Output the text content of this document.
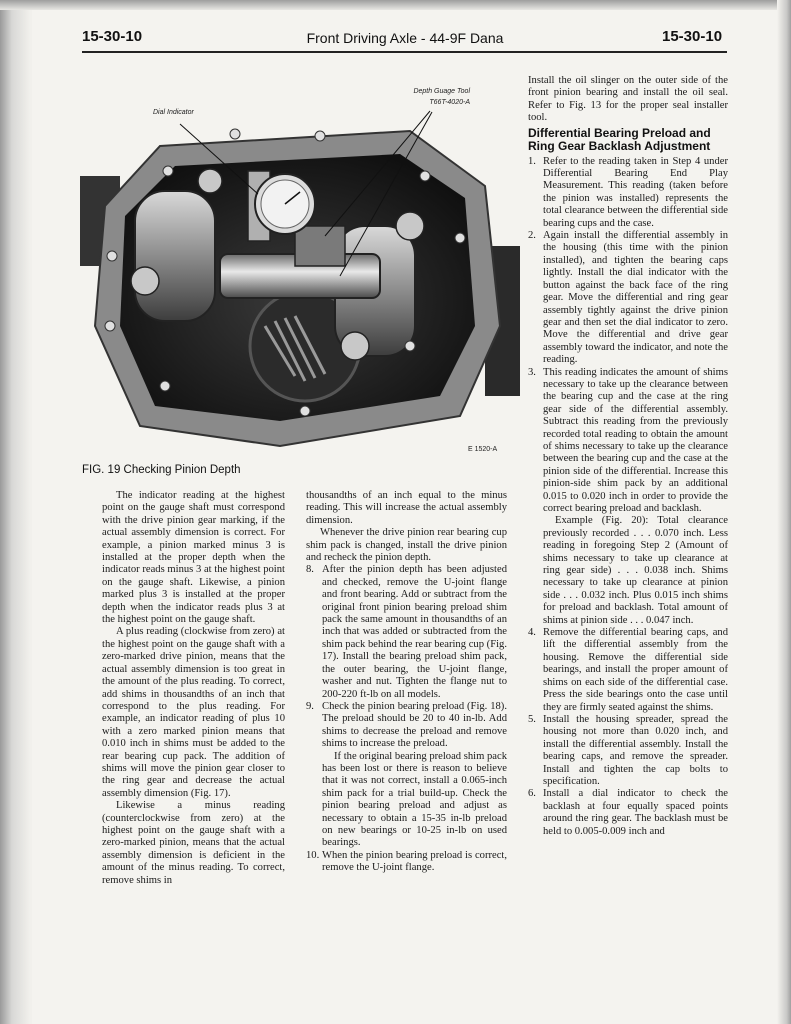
15-30-10	Front Driving Axle - 44-9F Dana	15-30-10
Dial Indicator
Depth Guage Tool
T66T-4020-A
E 1520-A
FIG. 19 Checking Pinion Depth

The indicator reading at the highest point on the gauge shaft must correspond with the drive pinion gear marking, if the actual assembly dimension is correct. For example, a pinion marked minus 3 is installed at the proper depth when the indicator reads minus 3 at the highest point on the gauge shaft. Likewise, a pinion marked plus 3 is installed at the proper depth when the indicator reads plus 3 at the highest point on the gauge shaft.

A plus reading (clockwise from zero) at the highest point on the gauge shaft with a zero-marked drive pinion, means that the actual assembly dimension is too great in the amount of the plus reading. To correct, add shims in thousandths of an inch that correspond to the plus reading. For example, an indicator reading of plus 10 with a zero marked pinion means that 0.010 inch in shims must be added to the rear bearing cup pack. The addition of shims will move the pinion gear closer to the ring gear and decrease the actual assembly dimension (Fig. 17).

Likewise a minus reading (counterclockwise from zero) at the highest point on the gauge shaft with a zero-marked pinion, means that the actual assembly dimension is deficient in the amount of the minus reading. To correct, remove shims in

thousandths of an inch equal to the minus reading. This will increase the actual assembly dimension.

Whenever the drive pinion rear bearing cup shim pack is changed, install the drive pinion and recheck the pinion depth.

8. After the pinion depth has been adjusted and checked, remove the U-joint flange and front bearing. Add or subtract from the original front pinion bearing preload shim pack the same amount in thousandths of an inch that was added or subtracted from the shim pack behind the rear bearing cup (Fig. 17). Install the bearing preload shim pack, the outer bearing, the U-joint flange, washer and nut. Tighten the flange nut to 200-220 ft-lb on all models.
9. Check the pinion bearing preload (Fig. 18). The preload should be 20 to 40 in-lb. Add shims to decrease the preload and remove shims to increase the preload.

If the original bearing preload shim pack has been lost or there is reason to believe that it was not correct, install a 0.065-inch shim pack for a trial build-up. Check the pinion bearing preload and adjust as necessary to obtain a 15-35 in-lb preload on new bearings or 10-25 in-lb on used bearings.

10. When the pinion bearing preload is correct, remove the U-joint flange.

Install the oil slinger on the outer side of the front pinion bearing and install the oil seal. Refer to Fig. 13 for the proper seal installer tool.

Differential Bearing Preload and Ring Gear Backlash Adjustment
1. Refer to the reading taken in Step 4 under Differential Bearing End Play Measurement. This reading (taken before the pinion was installed) represents the total clearance between the differential side bearing cups and the case.
2. Again install the differential assembly in the housing (this time with the pinion installed), and tighten the bearing caps lightly. Install the dial indicator with the button against the back face of the ring gear. Move the differential and ring gear assembly tightly against the drive pinion gear and then set the dial indicator to zero. Move the differential and drive gear assembly toward the indicator, and note the reading.
3. This reading indicates the amount of shims necessary to take up the clearance between the bearing cup and the case at the ring gear side of the differential assembly. Subtract this reading from the previously recorded total reading to obtain the amount of shims necessary to take up the clearance between the bearing cup and the case at the pinion side of the differential. Increase this pinion-side shim pack by an additional 0.015 to 0.020 inch in order to provide the correct bearing preload and backlash.

Example (Fig. 20): Total clearance previously recorded . . . 0.070 inch. Less reading in foregoing Step 2 (Amount of shims necessary to take up clearance at ring gear side) . . . 0.038 inch. Shims necessary to take up clearance at pinion side . . . 0.032 inch. Plus 0.015 inch shims for preload and backlash. Total amount of shims at pinion side . . . 0.047 inch.

4. Remove the differential bearing caps, and lift the differential assembly from the housing. Remove the differential side bearings, and install the proper amount of shims on each side of the differential case. Press the side bearings onto the case until they are firmly seated against the shims.
5. Install the housing spreader, spread the housing not more than 0.020 inch, and install the differential assembly. Install the bearing caps, and remove the spreader. Install and tighten the cap bolts to specification.
6. Install a dial indicator to check the backlash at four equally spaced points around the ring gear. The backlash must be held to 0.005-0.009 inch and
